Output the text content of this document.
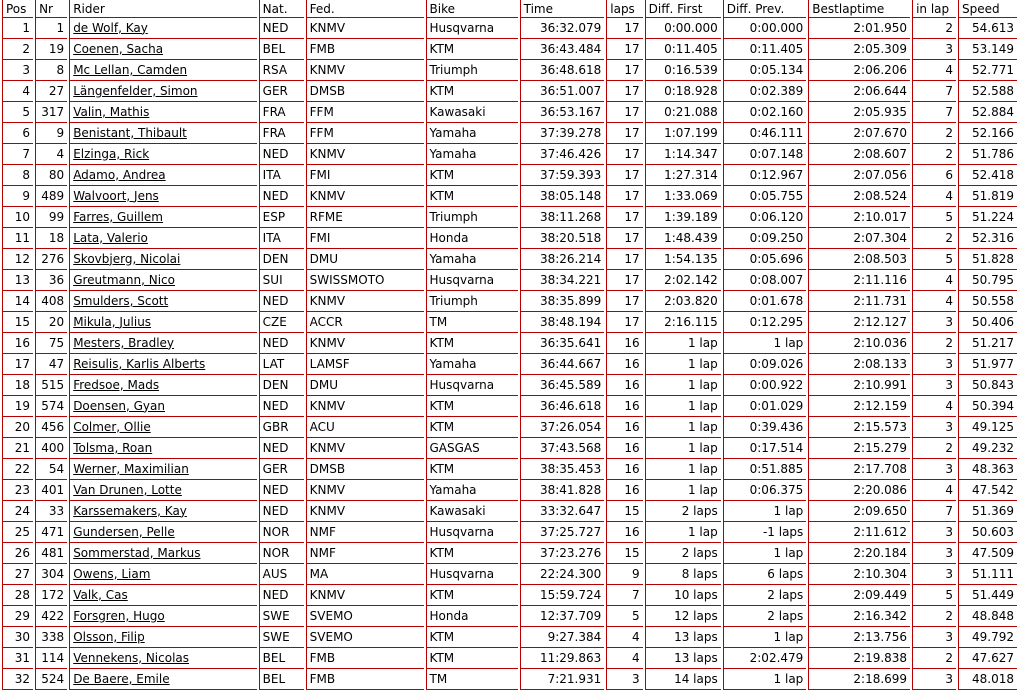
Pos	Nr	Rider	Nat.	Fed.	Bike	Time	laps	Diff. First	Diff. Prev.	Bestlaptime	in lap	Speed
1	1	de Wolf, Kay	NED	KNMV	Husqvarna	36:32.079	17	0:00.000	0:00.000	2:01.950	2	54.613
2	19	Coenen, Sacha	BEL	FMB	KTM	36:43.484	17	0:11.405	0:11.405	2:05.309	3	53.149
3	8	Mc Lellan, Camden	RSA	KNMV	Triumph	36:48.618	17	0:16.539	0:05.134	2:06.206	4	52.771
4	27	Längenfelder, Simon	GER	DMSB	KTM	36:51.007	17	0:18.928	0:02.389	2:06.644	7	52.588
5	317	Valin, Mathis	FRA	FFM	Kawasaki	36:53.167	17	0:21.088	0:02.160	2:05.935	7	52.884
6	9	Benistant, Thibault	FRA	FFM	Yamaha	37:39.278	17	1:07.199	0:46.111	2:07.670	2	52.166
7	4	Elzinga, Rick	NED	KNMV	Yamaha	37:46.426	17	1:14.347	0:07.148	2:08.607	2	51.786
8	80	Adamo, Andrea	ITA	FMI	KTM	37:59.393	17	1:27.314	0:12.967	2:07.056	6	52.418
9	489	Walvoort, Jens	NED	KNMV	KTM	38:05.148	17	1:33.069	0:05.755	2:08.524	4	51.819
10	99	Farres, Guillem	ESP	RFME	Triumph	38:11.268	17	1:39.189	0:06.120	2:10.017	5	51.224
11	18	Lata, Valerio	ITA	FMI	Honda	38:20.518	17	1:48.439	0:09.250	2:07.304	2	52.316
12	276	Skovbjerg, Nicolai	DEN	DMU	Yamaha	38:26.214	17	1:54.135	0:05.696	2:08.503	5	51.828
13	36	Greutmann, Nico	SUI	SWISSMOTO	Husqvarna	38:34.221	17	2:02.142	0:08.007	2:11.116	4	50.795
14	408	Smulders, Scott	NED	KNMV	Triumph	38:35.899	17	2:03.820	0:01.678	2:11.731	4	50.558
15	20	Mikula, Julius	CZE	ACCR	TM	38:48.194	17	2:16.115	0:12.295	2:12.127	3	50.406
16	75	Mesters, Bradley	NED	KNMV	KTM	36:35.641	16	1 lap	1 lap	2:10.036	2	51.217
17	47	Reisulis, Karlis Alberts	LAT	LAMSF	Yamaha	36:44.667	16	1 lap	0:09.026	2:08.133	3	51.977
18	515	Fredsoe, Mads	DEN	DMU	Husqvarna	36:45.589	16	1 lap	0:00.922	2:10.991	3	50.843
19	574	Doensen, Gyan	NED	KNMV	KTM	36:46.618	16	1 lap	0:01.029	2:12.159	4	50.394
20	456	Colmer, Ollie	GBR	ACU	KTM	37:26.054	16	1 lap	0:39.436	2:15.573	3	49.125
21	400	Tolsma, Roan	NED	KNMV	GASGAS	37:43.568	16	1 lap	0:17.514	2:15.279	2	49.232
22	54	Werner, Maximilian	GER	DMSB	KTM	38:35.453	16	1 lap	0:51.885	2:17.708	3	48.363
23	401	Van Drunen, Lotte	NED	KNMV	Yamaha	38:41.828	16	1 lap	0:06.375	2:20.086	4	47.542
24	33	Karssemakers, Kay	NED	KNMV	Kawasaki	33:32.647	15	2 laps	1 lap	2:09.650	7	51.369
25	471	Gundersen, Pelle	NOR	NMF	Husqvarna	37:25.727	16	1 lap	-1 laps	2:11.612	3	50.603
26	481	Sommerstad, Markus	NOR	NMF	KTM	37:23.276	15	2 laps	1 lap	2:20.184	3	47.509
27	304	Owens, Liam	AUS	MA	Husqvarna	22:24.300	9	8 laps	6 laps	2:10.304	3	51.111
28	172	Valk, Cas	NED	KNMV	KTM	15:59.724	7	10 laps	2 laps	2:09.449	5	51.449
29	422	Forsgren, Hugo	SWE	SVEMO	Honda	12:37.709	5	12 laps	2 laps	2:16.342	2	48.848
30	338	Olsson, Filip	SWE	SVEMO	KTM	9:27.384	4	13 laps	1 lap	2:13.756	3	49.792
31	114	Vennekens, Nicolas	BEL	FMB	KTM	11:29.863	4	13 laps	2:02.479	2:19.838	2	47.627
32	524	De Baere, Emile	BEL	FMB	TM	7:21.931	3	14 laps	1 lap	2:18.699	3	48.018
